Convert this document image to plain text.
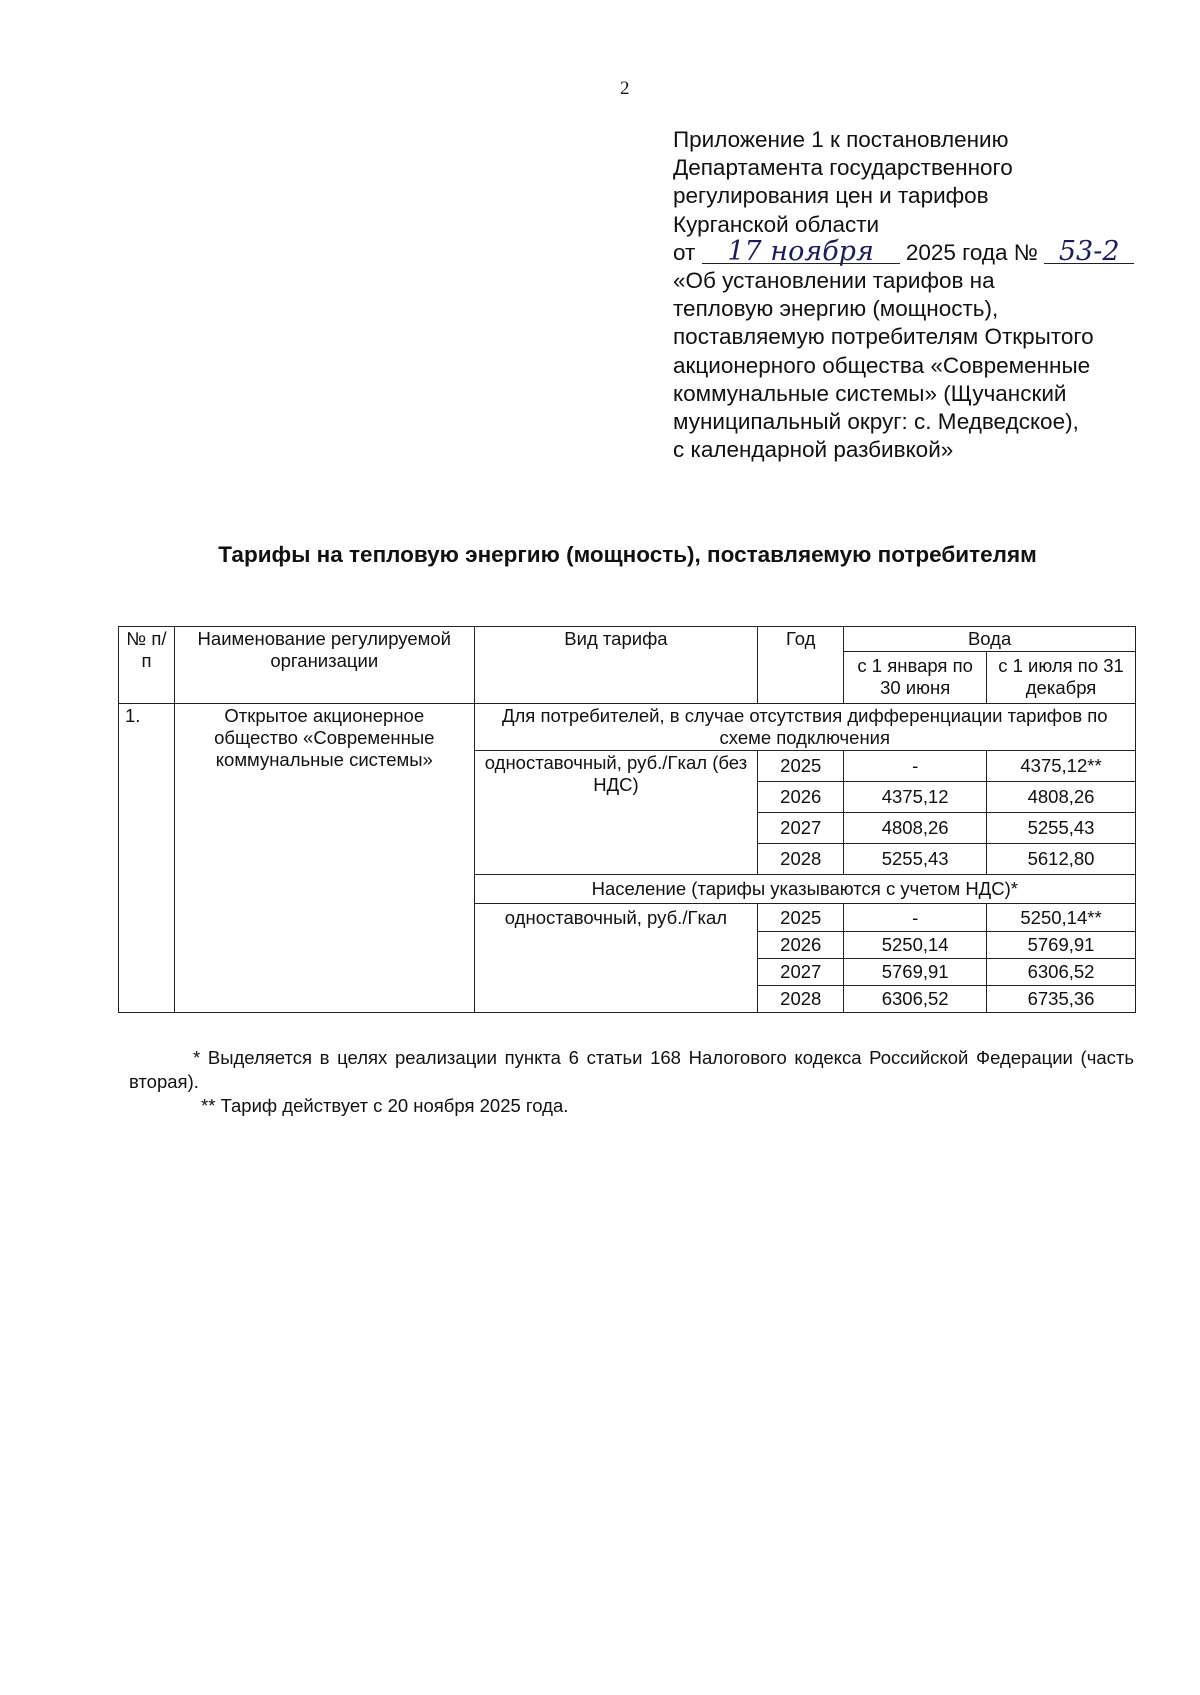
2
Приложение 1 к постановлению
Департамента государственного
регулирования цен и тарифов
Курганской области
от 17 ноября 2025 года № 53-2
«Об установлении тарифов на
тепловую энергию (мощность),
поставляемую потребителям Открытого
акционерного общества «Современные
коммунальные системы» (Щучанский
муниципальный округ: с. Медведское),
с календарной разбивкой»
Тарифы на тепловую энергию (мощность), поставляемую потребителям
№ п/п	Наименование регулируемой организации	Вид тарифа	Год	Вода	
				с 1 января по 30 июня	с 1 июля по 31 декабря
1.	Открытое акционерное общество «Современные коммунальные системы»	Для потребителей, в случае отсутствия дифференциации тарифов по схеме подключения			
		одноставочный, руб./Гкал (без НДС)	2025	-	4375,12**
			2026	4375,12	4808,26
			2027	4808,26	5255,43
			2028	5255,43	5612,80
		Население (тарифы указываются с учетом НДС)*			
		одноставочный, руб./Гкал	2025	-	5250,14**
			2026	5250,14	5769,91
			2027	5769,91	6306,52
			2028	6306,52	6735,36

* Выделяется в целях реализации пункта 6 статьи 168 Налогового кодекса Российской Федерации (часть вторая).

** Тариф действует с 20 ноября 2025 года.
